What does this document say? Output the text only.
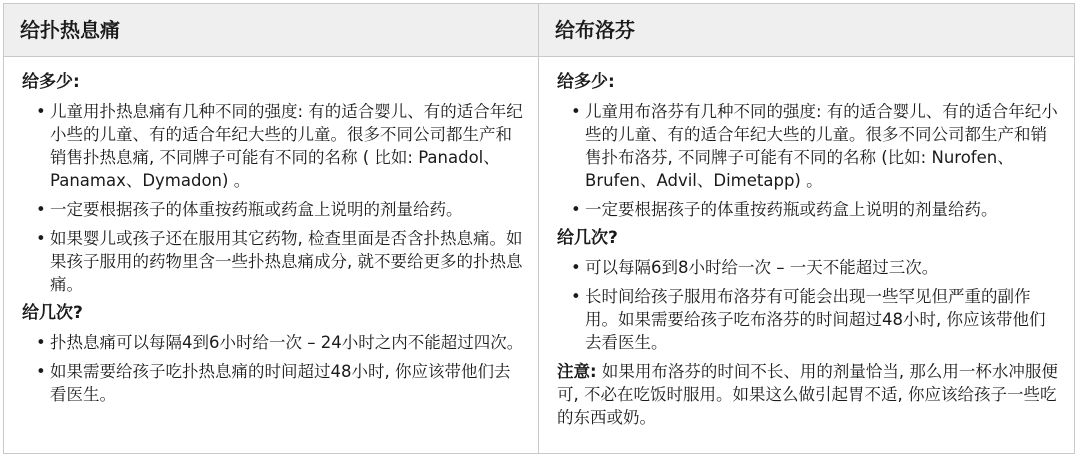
给扑热息痛
给多少:
• 儿童用扑热息痛有几种不同的强度: 有的适合婴儿、有的适合年纪小些的儿童、有的适合年纪大些的儿童。很多不同公司都生产和销售扑热息痛, 不同牌子可能有不同的名称 ( 比如: Panadol、Panamax、Dymadon) 。
• 一定要根据孩子的体重按药瓶或药盒上说明的剂量给药。
• 如果婴儿或孩子还在服用其它药物, 检查里面是否含扑热息痛。如果孩子服用的药物里含一些扑热息痛成分, 就不要给更多的扑热息痛。
给几次?
• 扑热息痛可以每隔4到6小时给一次 – 24小时之内不能超过四次。
• 如果需要给孩子吃扑热息痛的时间超过48小时, 你应该带他们去看医生。
给布洛芬
给多少:
• 儿童用布洛芬有几种不同的强度: 有的适合婴儿、有的适合年纪小些的儿童、有的适合年纪大些的儿童。很多不同公司都生产和销售扑布洛芬, 不同牌子可能有不同的名称 (比如: Nurofen、Brufen、Advil、Dimetapp) 。
• 一定要根据孩子的体重按药瓶或药盒上说明的剂量给药。
给几次?
• 可以每隔6到8小时给一次 – 一天不能超过三次。
• 长时间给孩子服用布洛芬有可能会出现一些罕见但严重的副作用。如果需要给孩子吃布洛芬的时间超过48小时, 你应该带他们去看医生。
注意: 如果用布洛芬的时间不长、用的剂量恰当, 那么用一杯水冲服便可, 不必在吃饭时服用。如果这么做引起胃不适, 你应该给孩子一些吃的东西或奶。
